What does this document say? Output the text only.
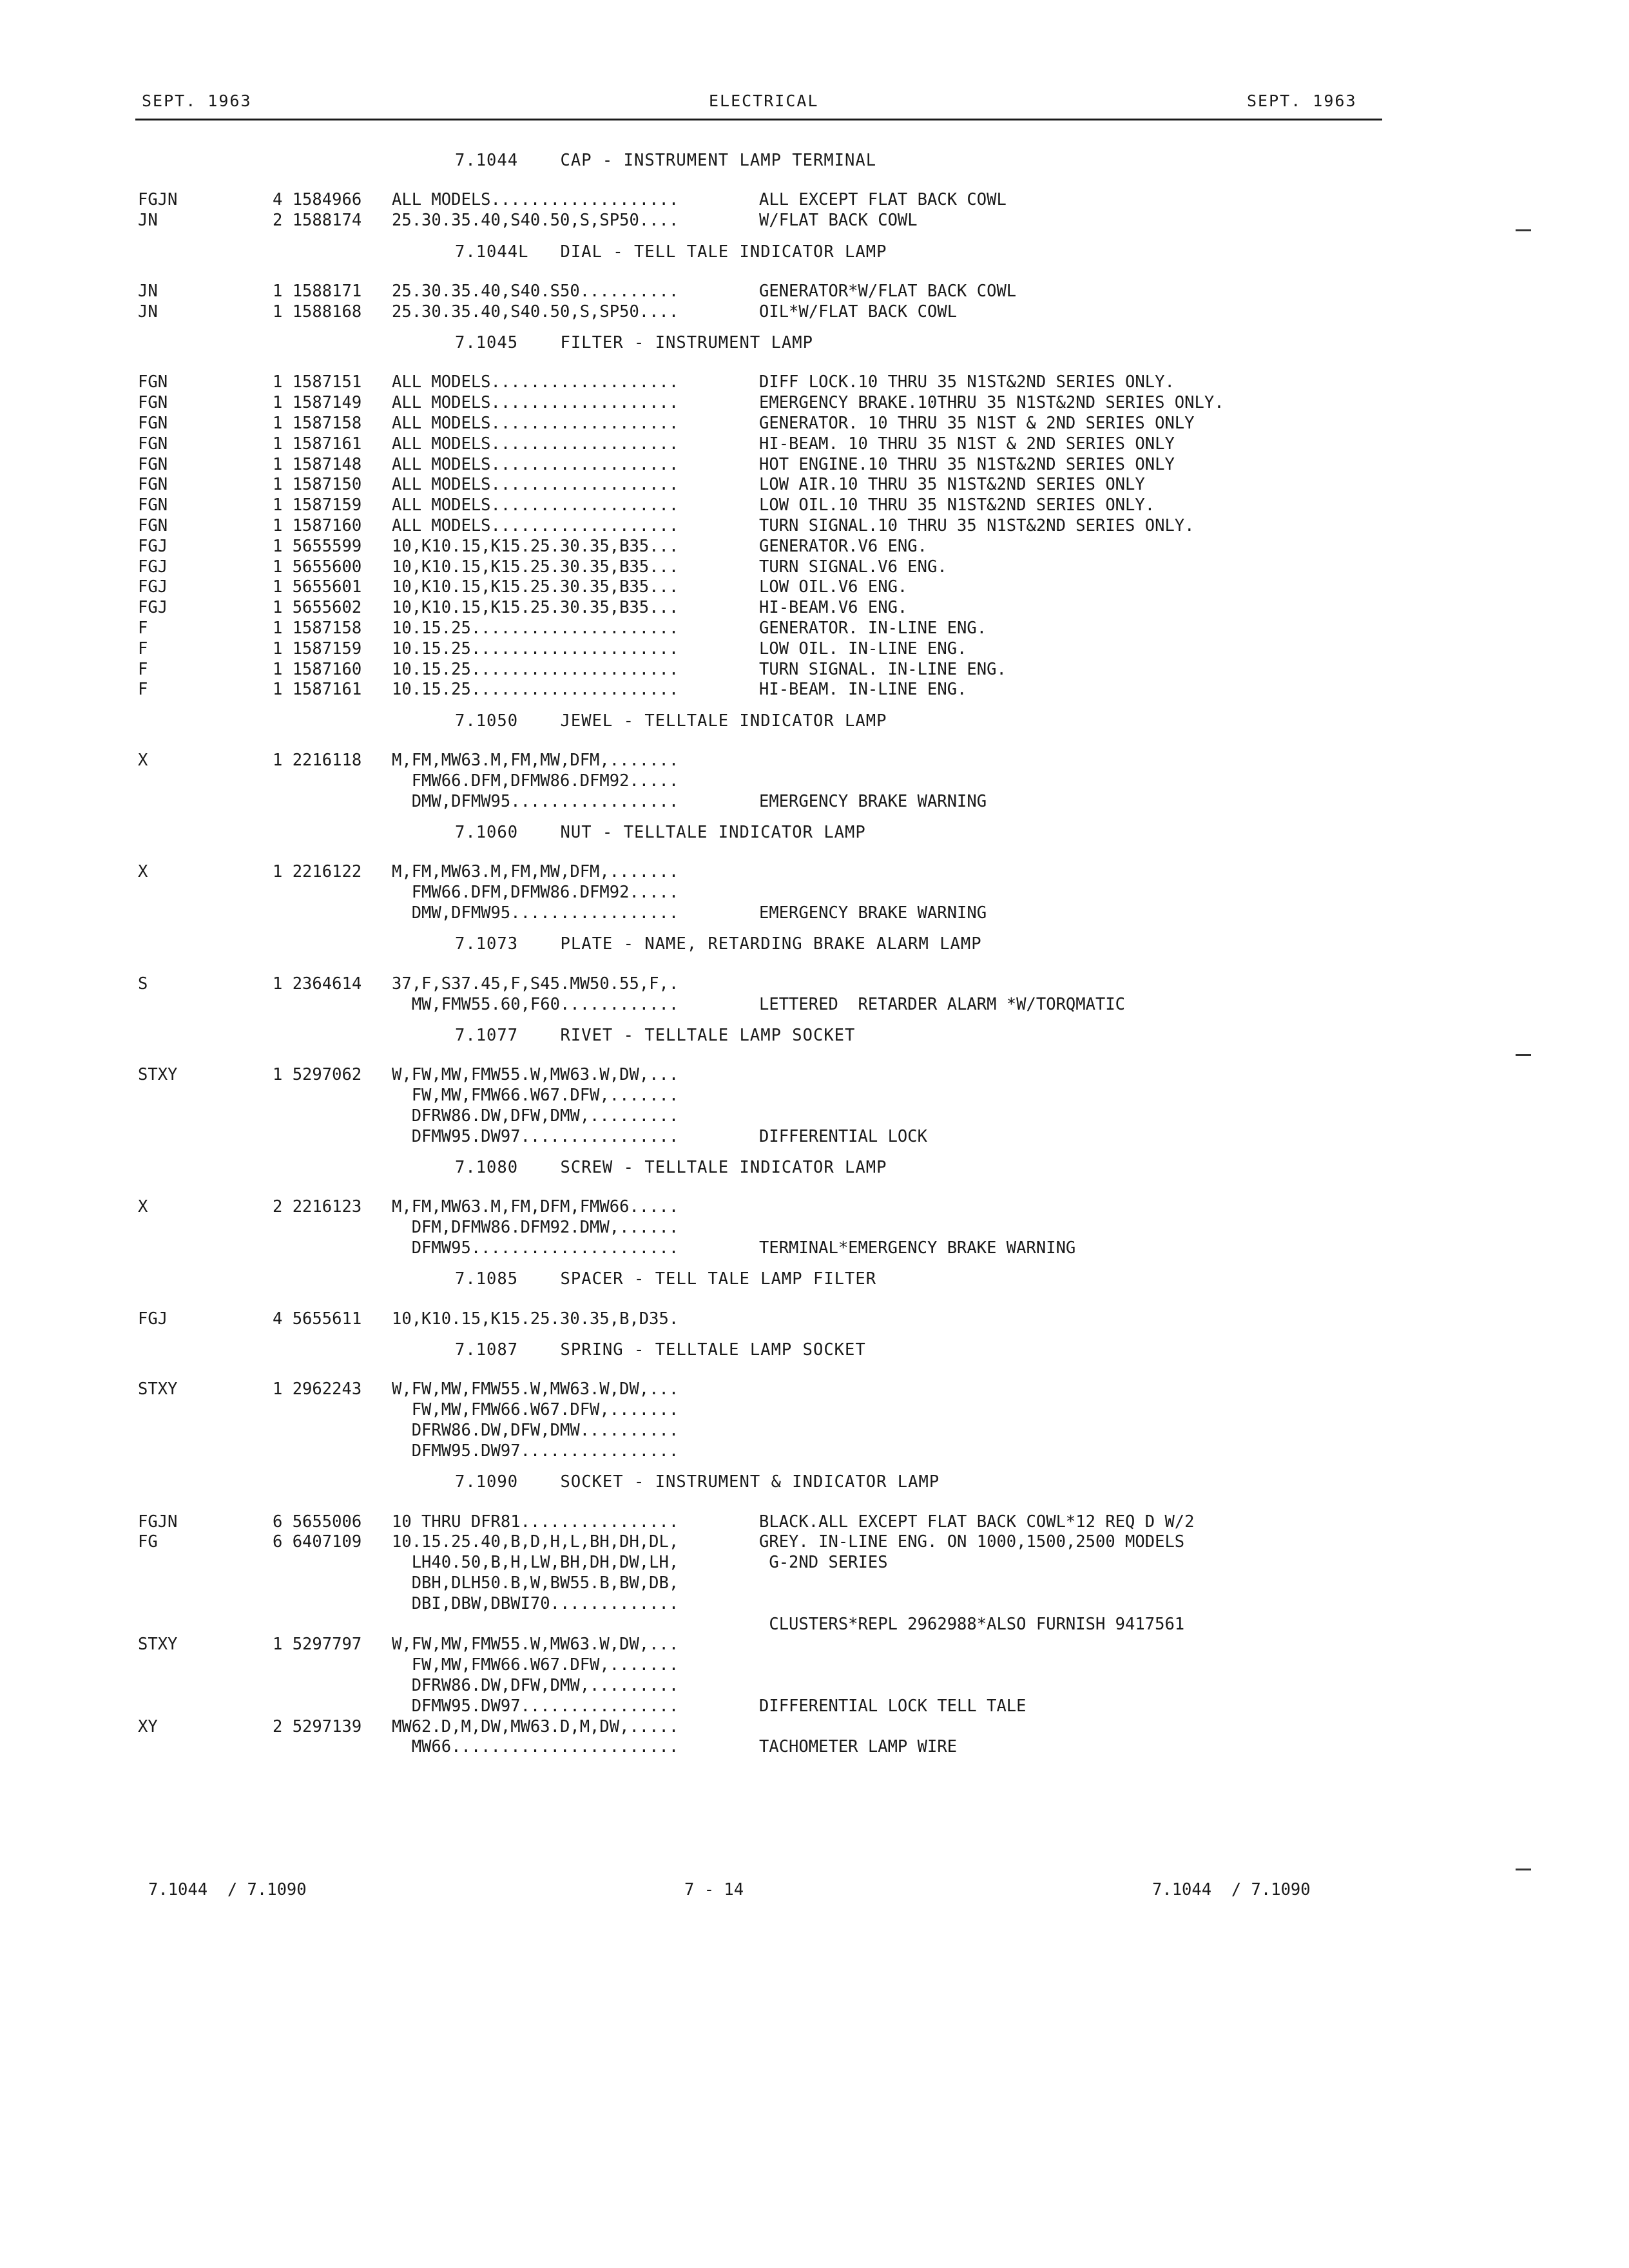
SEPT. 1963	ELECTRICAL	SEPT. 1963
7.1044    CAP - INSTRUMENT LAMP TERMINAL
FGJN	4 1584966 ALL MODELS...................	ALL EXCEPT FLAT BACK COWL
JN	2 1588174 25.30.35.40,S40.50,S,SP50....	W/FLAT BACK COWL
7.1044L   DIAL - TELL TALE INDICATOR LAMP
JN	1 1588171 25.30.35.40,S40.S50..........	GENERATOR*W/FLAT BACK COWL
JN	1 1588168 25.30.35.40,S40.50,S,SP50....	OIL*W/FLAT BACK COWL
7.1045    FILTER - INSTRUMENT LAMP
FGN	1 1587151 ALL MODELS...................	DIFF LOCK.10 THRU 35 N1ST&2ND SERIES ONLY.
FGN	1 1587149 ALL MODELS...................	EMERGENCY BRAKE.10THRU 35 N1ST&2ND SERIES ONLY.
FGN	1 1587158 ALL MODELS...................	GENERATOR. 10 THRU 35 N1ST & 2ND SERIES ONLY
FGN	1 1587161 ALL MODELS...................	HI-BEAM. 10 THRU 35 N1ST & 2ND SERIES ONLY
FGN	1 1587148 ALL MODELS...................	HOT ENGINE.10 THRU 35 N1ST&2ND SERIES ONLY
FGN	1 1587150 ALL MODELS...................	LOW AIR.10 THRU 35 N1ST&2ND SERIES ONLY
FGN	1 1587159 ALL MODELS...................	LOW OIL.10 THRU 35 N1ST&2ND SERIES ONLY.
FGN	1 1587160 ALL MODELS...................	TURN SIGNAL.10 THRU 35 N1ST&2ND SERIES ONLY.
FGJ	1 5655599 10,K10.15,K15.25.30.35,B35...	GENERATOR.V6 ENG.
FGJ	1 5655600 10,K10.15,K15.25.30.35,B35...	TURN SIGNAL.V6 ENG.
FGJ	1 5655601 10,K10.15,K15.25.30.35,B35...	LOW OIL.V6 ENG.
FGJ	1 5655602 10,K10.15,K15.25.30.35,B35...	HI-BEAM.V6 ENG.
F	1 1587158 10.15.25.....................	GENERATOR. IN-LINE ENG.
F	1 1587159 10.15.25.....................	LOW OIL. IN-LINE ENG.
F	1 1587160 10.15.25.....................	TURN SIGNAL. IN-LINE ENG.
F	1 1587161 10.15.25.....................	HI-BEAM. IN-LINE ENG.
7.1050    JEWEL - TELLTALE INDICATOR LAMP
X	1 2216118 M,FM,MW63.M,FM,MW,DFM,.......
FMW66.DFM,DFMW86.DFM92.....
DMW,DFMW95.................	EMERGENCY BRAKE WARNING
7.1060    NUT - TELLTALE INDICATOR LAMP
X	1 2216122 M,FM,MW63.M,FM,MW,DFM,.......
FMW66.DFM,DFMW86.DFM92.....
DMW,DFMW95.................	EMERGENCY BRAKE WARNING
7.1073    PLATE - NAME, RETARDING BRAKE ALARM LAMP
S	1 2364614 37,F,S37.45,F,S45.MW50.55,F,.
MW,FMW55.60,F60............	LETTERED  RETARDER ALARM *W/TORQMATIC
7.1077    RIVET - TELLTALE LAMP SOCKET
STXY	1 5297062 W,FW,MW,FMW55.W,MW63.W,DW,...
FW,MW,FMW66.W67.DFW,.......
DFRW86.DW,DFW,DMW,.........
DFMW95.DW97................	DIFFERENTIAL LOCK
7.1080    SCREW - TELLTALE INDICATOR LAMP
X	2 2216123 M,FM,MW63.M,FM,DFM,FMW66.....
DFM,DFMW86.DFM92.DMW,......
DFMW95.....................	TERMINAL*EMERGENCY BRAKE WARNING
7.1085    SPACER - TELL TALE LAMP FILTER
FGJ	4 5655611 10,K10.15,K15.25.30.35,B,D35.
7.1087    SPRING - TELLTALE LAMP SOCKET
STXY	1 2962243 W,FW,MW,FMW55.W,MW63.W,DW,...
FW,MW,FMW66.W67.DFW,.......
DFRW86.DW,DFW,DMW..........
DFMW95.DW97................
7.1090    SOCKET - INSTRUMENT & INDICATOR LAMP
FGJN	6 5655006 10 THRU DFR81................	BLACK.ALL EXCEPT FLAT BACK COWL*12 REQ D W/2
FG	6 6407109 10.15.25.40,B,D,H,L,BH,DH,DL,	GREY. IN-LINE ENG. ON 1000,1500,2500 MODELS
LH40.50,B,H,LW,BH,DH,DW,LH,	G-2ND SERIES
DBH,DLH50.B,W,BW55.B,BW,DB,
DBI,DBW,DBWI70.............
CLUSTERS*REPL 2962988*ALSO FURNISH 9417561
STXY	1 5297797 W,FW,MW,FMW55.W,MW63.W,DW,...
FW,MW,FMW66.W67.DFW,.......
DFRW86.DW,DFW,DMW,.........
DFMW95.DW97................	DIFFERENTIAL LOCK TELL TALE
XY	2 5297139 MW62.D,M,DW,MW63.D,M,DW,.....
MW66.......................	TACHOMETER LAMP WIRE
7.1044  / 7.1090	7 - 14	7.1044  / 7.1090
